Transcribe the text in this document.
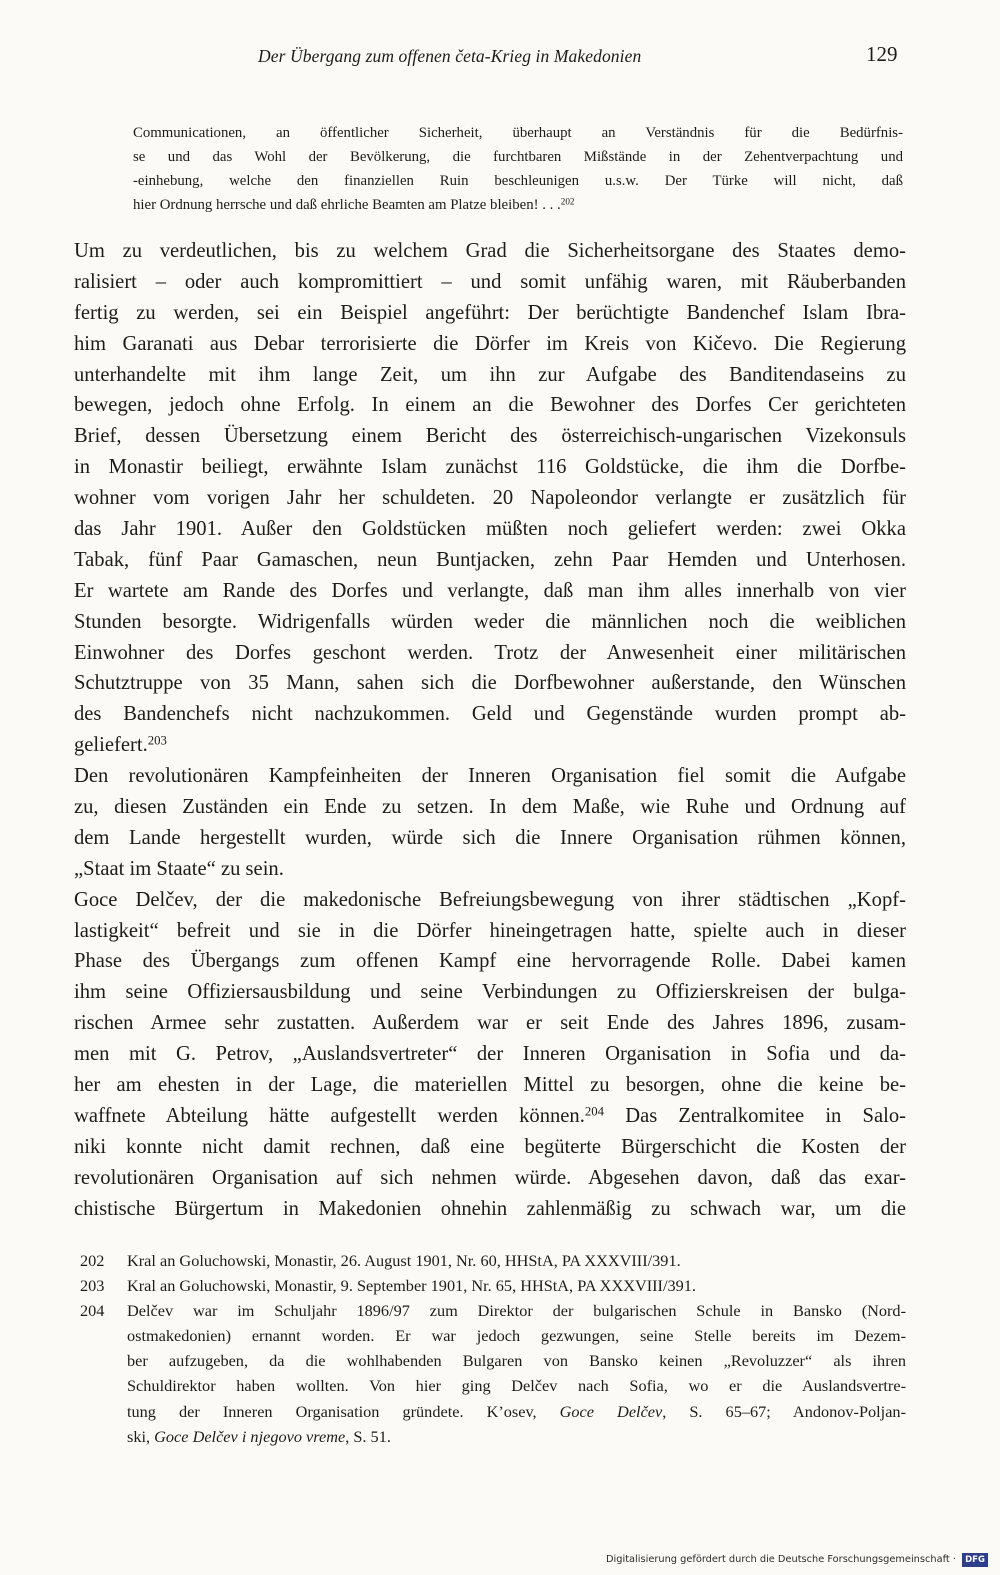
Der Übergang zum offenen četa-Krieg in Makedonien	129
Communicationen, an öffentlicher Sicherheit, überhaupt an Verständnis für die Bedürfnis-
se und das Wohl der Bevölkerung, die furchtbaren Mißstände in der Zehentverpachtung und
-einhebung, welche den finanziellen Ruin beschleunigen u.s.w. Der Türke will nicht, daß
hier Ordnung herrsche und daß ehrliche Beamten am Platze bleiben! . . .$^{202}$
Um zu verdeutlichen, bis zu welchem Grad die Sicherheitsorgane des Staates demo-
ralisiert – oder auch kompromittiert – und somit unfähig waren, mit Räuberbanden
fertig zu werden, sei ein Beispiel angeführt: Der berüchtigte Bandenchef Islam Ibra-
him Garanati aus Debar terrorisierte die Dörfer im Kreis von Kičevo. Die Regierung
unterhandelte mit ihm lange Zeit, um ihn zur Aufgabe des Banditendaseins zu
bewegen, jedoch ohne Erfolg. In einem an die Bewohner des Dorfes Cer gerichteten
Brief, dessen Übersetzung einem Bericht des österreichisch-ungarischen Vizekonsuls
in Monastir beiliegt, erwähnte Islam zunächst 116 Goldstücke, die ihm die Dorfbe-
wohner vom vorigen Jahr her schuldeten. 20 Napoleondor verlangte er zusätzlich für
das Jahr 1901. Außer den Goldstücken müßten noch geliefert werden: zwei Okka
Tabak, fünf Paar Gamaschen, neun Buntjacken, zehn Paar Hemden und Unterhosen.
Er wartete am Rande des Dorfes und verlangte, daß man ihm alles innerhalb von vier
Stunden besorgte. Widrigenfalls würden weder die männlichen noch die weiblichen
Einwohner des Dorfes geschont werden. Trotz der Anwesenheit einer militärischen
Schutztruppe von 35 Mann, sahen sich die Dorfbewohner außerstande, den Wünschen
des Bandenchefs nicht nachzukommen. Geld und Gegenstände wurden prompt ab-
geliefert.$^{203}$
Den revolutionären Kampfeinheiten der Inneren Organisation fiel somit die Aufgabe
zu, diesen Zuständen ein Ende zu setzen. In dem Maße, wie Ruhe und Ordnung auf
dem Lande hergestellt wurden, würde sich die Innere Organisation rühmen können,
„Staat im Staate“ zu sein.
Goce Delčev, der die makedonische Befreiungsbewegung von ihrer städtischen „Kopf-
lastigkeit“ befreit und sie in die Dörfer hineingetragen hatte, spielte auch in dieser
Phase des Übergangs zum offenen Kampf eine hervorragende Rolle. Dabei kamen
ihm seine Offiziersausbildung und seine Verbindungen zu Offizierskreisen der bulga-
rischen Armee sehr zustatten. Außerdem war er seit Ende des Jahres 1896, zusam-
men mit G. Petrov, „Auslandsvertreter“ der Inneren Organisation in Sofia und da-
her am ehesten in der Lage, die materiellen Mittel zu besorgen, ohne die keine be-
waffnete Abteilung hätte aufgestellt werden können.$^{204}$ Das Zentralkomitee in Salo-
niki konnte nicht damit rechnen, daß eine begüterte Bürgerschicht die Kosten der
revolutionären Organisation auf sich nehmen würde. Abgesehen davon, daß das exar-
chistische Bürgertum in Makedonien ohnehin zahlenmäßig zu schwach war, um die
202 Kral an Goluchowski, Monastir, 26. August 1901, Nr. 60, HHStA, PA XXXVIII/391.
203 Kral an Goluchowski, Monastir, 9. September 1901, Nr. 65, HHStA, PA XXXVIII/391.
204 Delčev war im Schuljahr 1896/97 zum Direktor der bulgarischen Schule in Bansko (Nord-
ostmakedonien) ernannt worden. Er war jedoch gezwungen, seine Stelle bereits im Dezem-
ber aufzugeben, da die wohlhabenden Bulgaren von Bansko keinen „Revoluzzer“ als ihren
Schuldirektor haben wollten. Von hier ging Delčev nach Sofia, wo er die Auslandsvertre-
tung der Inneren Organisation gründete. K’osev, Goce Delčev, S. 65–67; Andonov-Poljan-
ski, Goce Delčev i njegovo vreme, S. 51.
Digitalisierung gefördert durch die Deutsche Forschungsgemeinschaft ·	DFG
